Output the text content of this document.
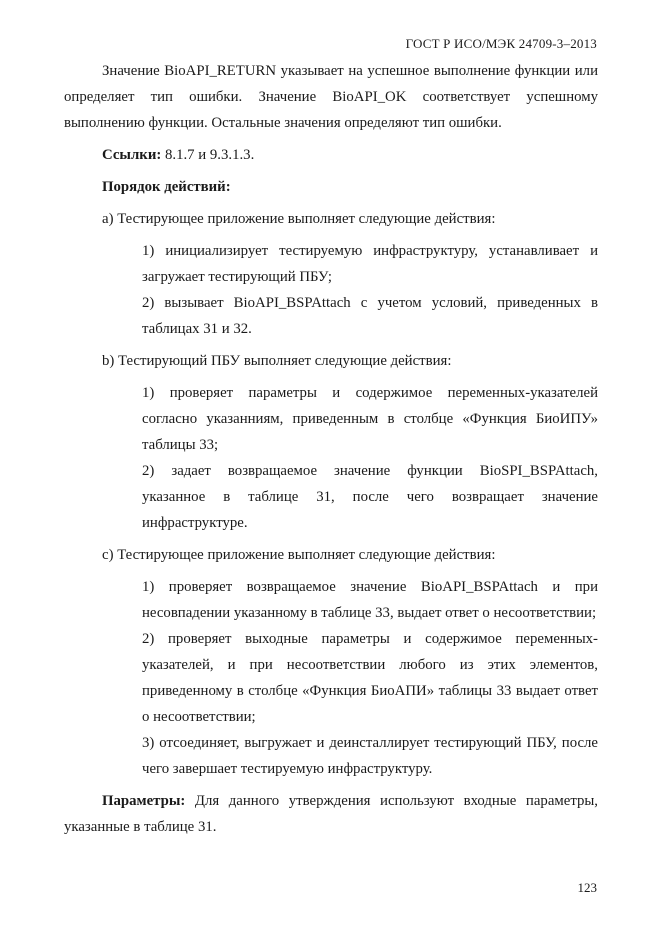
ГОСТ Р ИСО/МЭК 24709-3–2013

Значение BioAPI_RETURN указывает на успешное выполнение функции или определяет тип ошибки. Значение BioAPI_OK соответствует успешному выполнению функции. Остальные значения определяют тип ошибки.

Ссылки: 8.1.7 и 9.3.1.3.

Порядок действий:

a) Тестирующее приложение выполняет следующие действия:

1) инициализирует тестируемую инфраструктуру, устанавливает и загружает тестирующий ПБУ;

2) вызывает BioAPI_BSPAttach с учетом условий, приведенных в таблицах 31 и 32.

b) Тестирующий ПБУ выполняет следующие действия:

1) проверяет параметры и содержимое переменных-указателей согласно указанниям, приведенным в столбце «Функция БиоИПУ» таблицы 33;

2) задает возвращаемое значение функции BioSPI_BSPAttach, указанное в таблице 31, после чего возвращает значение инфраструктуре.

c) Тестирующее приложение выполняет следующие действия:

1) проверяет возвращаемое значение BioAPI_BSPAttach и при несовпадении указанному в таблице 33, выдает ответ о несоответствии;

2) проверяет выходные параметры и содержимое переменных-указателей, и при несоответствии любого из этих элементов, приведенному в столбце «Функция БиоАПИ» таблицы 33 выдает ответ о несоответствии;

3) отсоединяет, выгружает и деинсталлирует тестирующий ПБУ, после чего завершает тестируемую инфраструктуру.

Параметры: Для данного утверждения используют входные параметры, указанные в таблице 31.

123
